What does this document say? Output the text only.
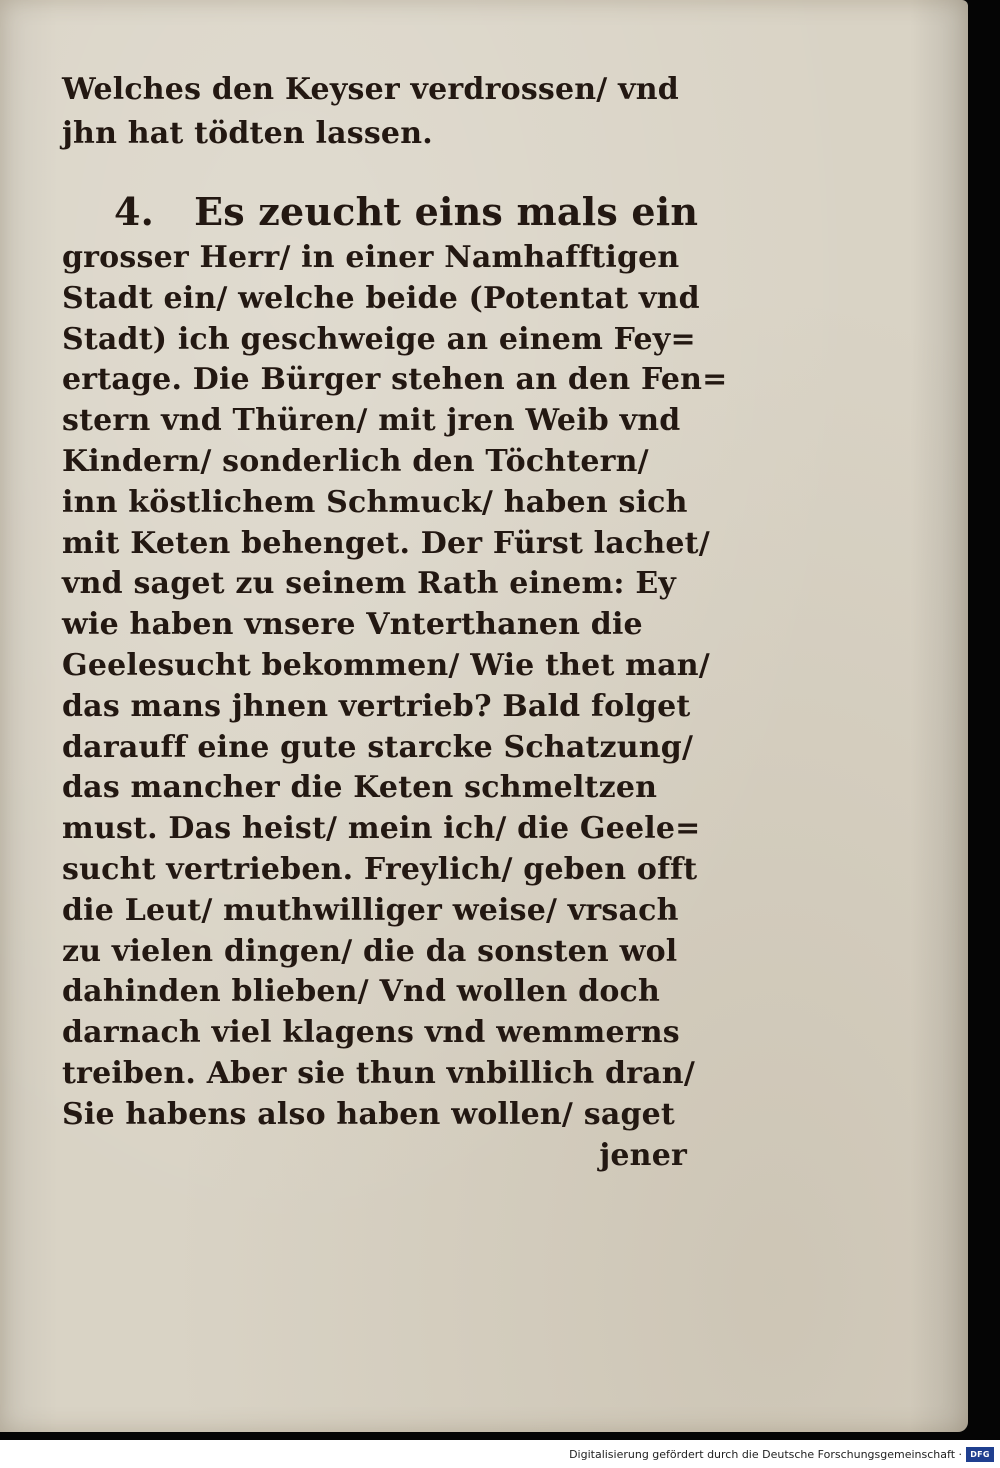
Welches den Keyser verdrossen/ vnd
jhn hat tödten lassen.
4. Es zeucht eins mals ein
grosser Herr/ in einer Namhafftigen
Stadt ein/ welche beide (Potentat vnd
Stadt) ich geschweige an einem Fey=
ertage. Die Bürger stehen an den Fen=
stern vnd Thüren/ mit jren Weib vnd
Kindern/ sonderlich den Töchtern/
inn köstlichem Schmuck/ haben sich
mit Keten behenget. Der Fürst lachet/
vnd saget zu seinem Rath einem: Ey
wie haben vnsere Vnterthanen die
Geelesucht bekommen/ Wie thet man/
das mans jhnen vertrieb? Bald folget
darauff eine gute starcke Schatzung/
das mancher die Keten schmeltzen
must. Das heist/ mein ich/ die Geele=
sucht vertrieben. Freylich/ geben offt
die Leut/ muthwilliger weise/ vrsach
zu vielen dingen/ die da sonsten wol
dahinden blieben/ Vnd wollen doch
darnach viel klagens vnd wemmerns
treiben. Aber sie thun vnbillich dran/
Sie habens also haben wollen/ saget
jener
Digitalisierung gefördert durch die Deutsche Forschungsgemeinschaft ·	DFG
